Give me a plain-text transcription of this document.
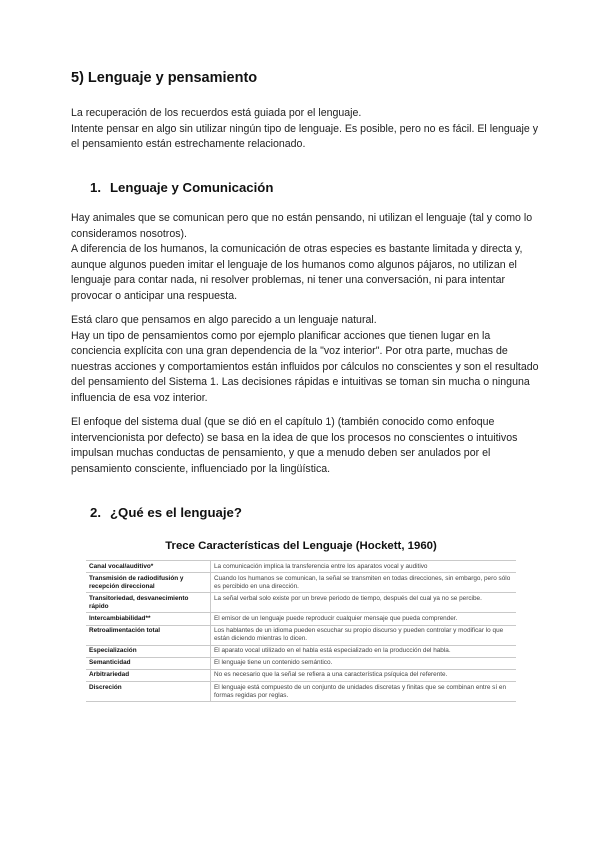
5) Lenguaje y pensamiento

La recuperación de los recuerdos está guiada por el lenguaje.

Intente pensar en algo sin utilizar ningún tipo de lenguaje. Es posible, pero no es fácil. El lenguaje y el pensamiento están estrechamente relacionado.

1. Lenguaje y Comunicación

Hay animales que se comunican pero que no están pensando, ni utilizan el lenguaje (tal y como lo consideramos nosotros).

A diferencia de los humanos, la comunicación de otras especies es bastante limitada y directa y, aunque algunos pueden imitar el lenguaje de los humanos como algunos pájaros, no utilizan el lenguaje para contar nada, ni resolver problemas, ni tener una conversación, ni para intentar provocar o anticipar una respuesta.

Está claro que pensamos en algo parecido a un lenguaje natural.

Hay un tipo de pensamientos como por ejemplo planificar acciones que tienen lugar en la conciencia explícita con una gran dependencia de la "voz interior". Por otra parte, muchas de nuestras acciones y comportamientos están influidos por cálculos no conscientes y son el resultado del pensamiento del Sistema 1. Las decisiones rápidas e intuitivas se toman sin mucha o ninguna influencia de esa voz interior.

El enfoque del sistema dual (que se dió en el capítulo 1) (también conocido como enfoque intervencionista por defecto) se basa en la idea de que los procesos no conscientes o intuitivos impulsan muchas conductas de pensamiento, y que a menudo deben ser anulados por el pensamiento consciente, influenciado por la lingüística.

2. ¿Qué es el lenguaje?
Trece Características del Lenguaje (Hockett, 1960)
Canal vocal/auditivo*	La comunicación implica la transferencia entre los aparatos vocal y auditivo
Transmisión de radiodifusión y recepción direccional	Cuando los humanos se comunican, la señal se transmiten en todas direcciones, sin embargo, pero sólo es percibido en una dirección.
Transitoriedad, desvanecimiento rápido	La señal verbal solo existe por un breve periodo de tiempo, después del cual ya no se percibe.
Intercambiabilidad**	El emisor de un lenguaje puede reproducir cualquier mensaje que pueda comprender.
Retroalimentación total	Los hablantes de un idioma pueden escuchar su propio discurso y pueden controlar y modificar lo que están diciendo mientras lo dicen.
Especialización	El aparato vocal utilizado en el habla está especializado en la producción del habla.
Semanticidad	El lenguaje tiene un contenido semántico.
Arbitrariedad	No es necesario que la señal se refiera a una característica psíquica del referente.
Discreción	El lenguaje está compuesto de un conjunto de unidades discretas y finitas que se combinan entre sí en formas regidas por reglas.
